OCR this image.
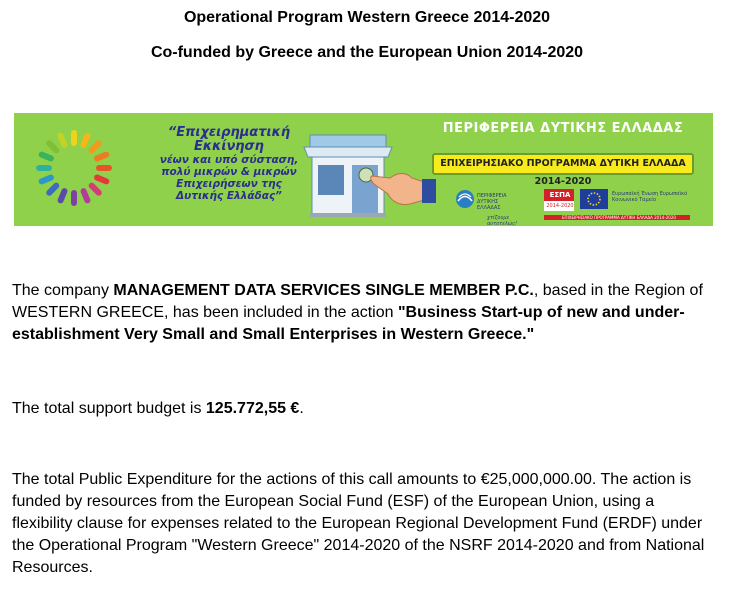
Operational Program Western Greece 2014-2020
Co-funded by Greece and the European Union 2014-2020
“Επιχειρηματική Εκκίνηση
νέων και υπό σύσταση, πολύ μικρών & μικρών Επιχειρήσεων της Δυτικής Ελλάδας”
ΠΕΡΙΦΕΡΕΙΑ ΔΥΤΙΚΗΣ ΕΛΛΑΔΑΣ
ΕΠΙΧΕΙΡΗΣΙΑΚΟ ΠΡΟΓΡΑΜΜΑ ΔΥΤΙΚΗ ΕΛΛΑΔΑ 2014-2020
ΠΕΡΙΦΕΡΕΙΑ ΔΥΤΙΚΗΣ ΕΛΛΑΔΑΣ
χτίζουμε αυτοτελώς!
ΕΣΠΑ
2014-2020
Ευρωπαϊκή Ένωση Ευρωπαϊκό Κοινωνικό Ταμείο
ΕΠΙΧΕΙΡΗΣΙΑΚΟ ΠΡΟΓΡΑΜΜΑ ΔΥΤΙΚΗ ΕΛΛΑΔΑ 2014-2020

The company MANAGEMENT DATA SERVICES SINGLE MEMBER P.C., based in the Region of WESTERN GREECE, has been included in the action "Business Start-up of new and under-establishment Very Small and Small Enterprises in Western Greece."

The total support budget is 125.772,55 €.

The total Public Expenditure for the actions of this call amounts to €25,000,000.00. The action is funded by resources from the European Social Fund (ESF) of the European Union, using a flexibility clause for expenses related to the European Regional Development Fund (ERDF) under the Operational Program "Western Greece" 2014-2020 of the NSRF 2014-2020 and from National Resources.
